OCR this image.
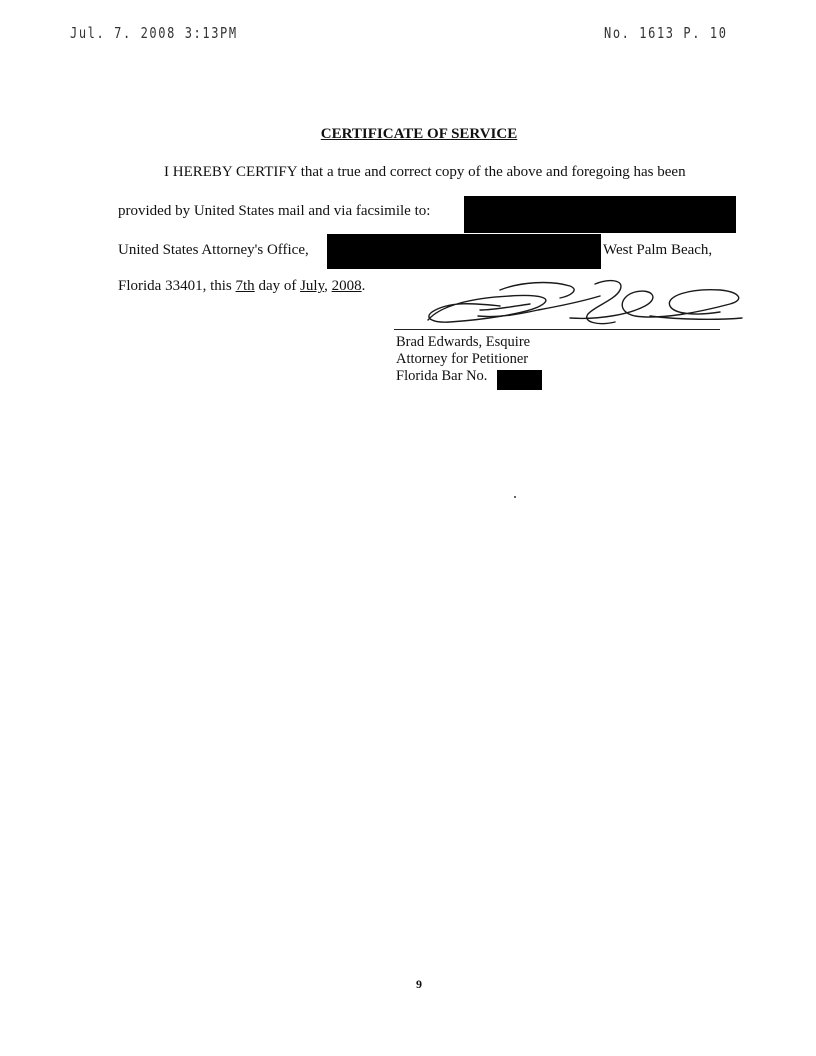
Jul. 7. 2008 3:13PM	No. 1613 P. 10
CERTIFICATE OF SERVICE
I HEREBY CERTIFY that a true and correct copy of the above and foregoing has been
provided by United States mail and via facsimile to:
United States Attorney's Office,	West Palm Beach,
Florida 33401, this 7th day of July, 2008.
Brad Edwards, Esquire
Attorney for Petitioner
Florida Bar No.
9
